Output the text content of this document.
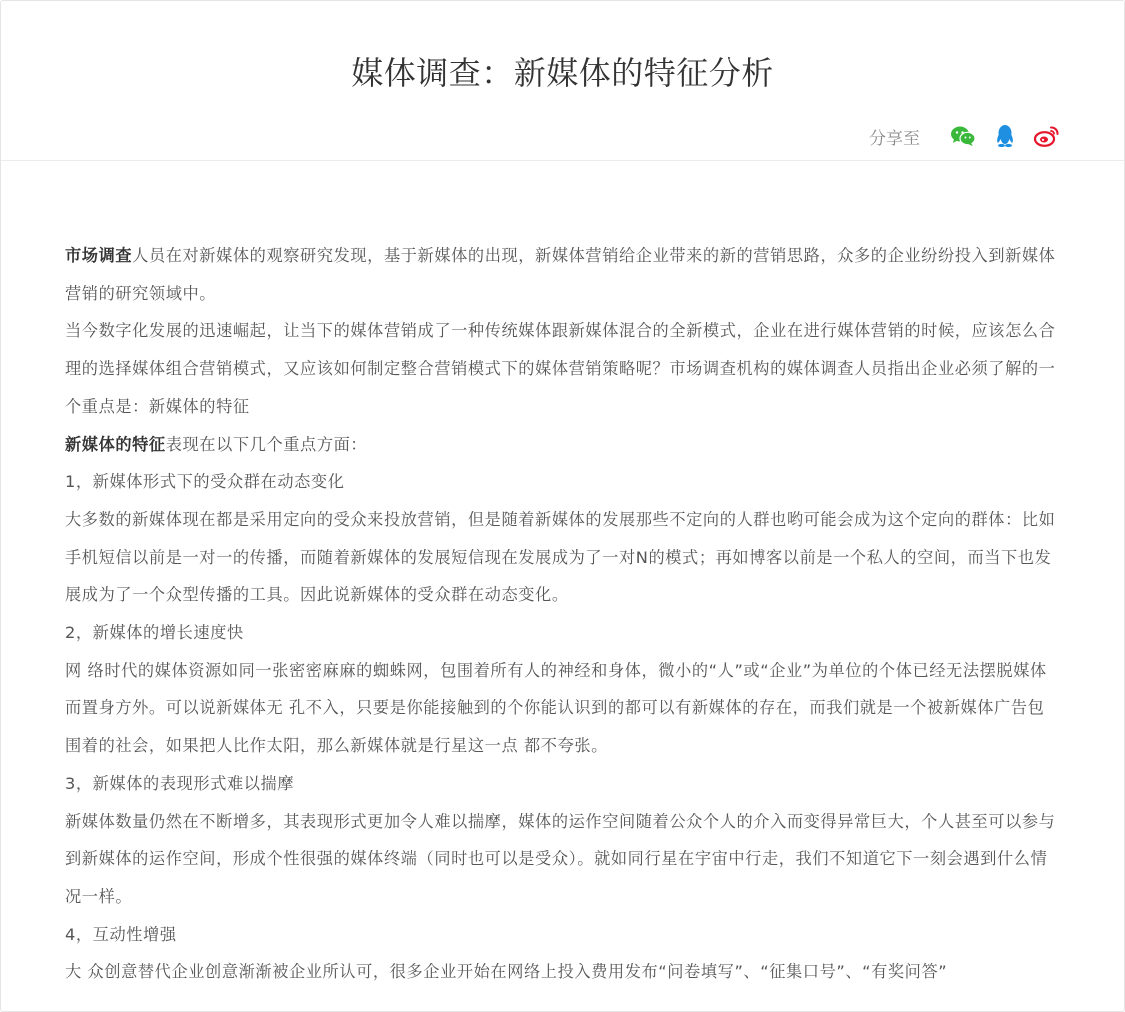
媒体调查：新媒体的特征分析
分享至

市场调查人员在对新媒体的观察研究发现，基于新媒体的出现，新媒体营销给企业带来的新的营销思路，众多的企业纷纷投入到新媒体营销的研究领域中。

当今数字化发展的迅速崛起，让当下的媒体营销成了一种传统媒体跟新媒体混合的全新模式，企业在进行媒体营销的时候，应该怎么合理的选择媒体组合营销模式，又应该如何制定整合营销模式下的媒体营销策略呢？市场调查机构的媒体调查人员指出企业必须了解的一个重点是：新媒体的特征

新媒体的特征表现在以下几个重点方面：

1，新媒体形式下的受众群在动态变化

大多数的新媒体现在都是采用定向的受众来投放营销，但是随着新媒体的发展那些不定向的人群也哟可能会成为这个定向的群体：比如手机短信以前是一对一的传播，而随着新媒体的发展短信现在发展成为了一对N的模式；再如博客以前是一个私人的空间，而当下也发展成为了一个众型传播的工具。因此说新媒体的受众群在动态变化。

2，新媒体的增长速度快

网 络时代的媒体资源如同一张密密麻麻的蜘蛛网，包围着所有人的神经和身体，微小的“人”或“企业”为单位的个体已经无法摆脱媒体而置身方外。可以说新媒体无 孔不入，只要是你能接触到的个你能认识到的都可以有新媒体的存在，而我们就是一个被新媒体广告包围着的社会，如果把人比作太阳，那么新媒体就是行星这一点 都不夸张。

3，新媒体的表现形式难以揣摩

新媒体数量仍然在不断增多，其表现形式更加令人难以揣摩，媒体的运作空间随着公众个人的介入而变得异常巨大，个人甚至可以参与到新媒体的运作空间，形成个性很强的媒体终端（同时也可以是受众）。就如同行星在宇宙中行走，我们不知道它下一刻会遇到什么情况一样。

4，互动性增强

大 众创意替代企业创意渐渐被企业所认可，很多企业开始在网络上投入费用发布“问卷填写”、“征集口号”、“有奖问答”
